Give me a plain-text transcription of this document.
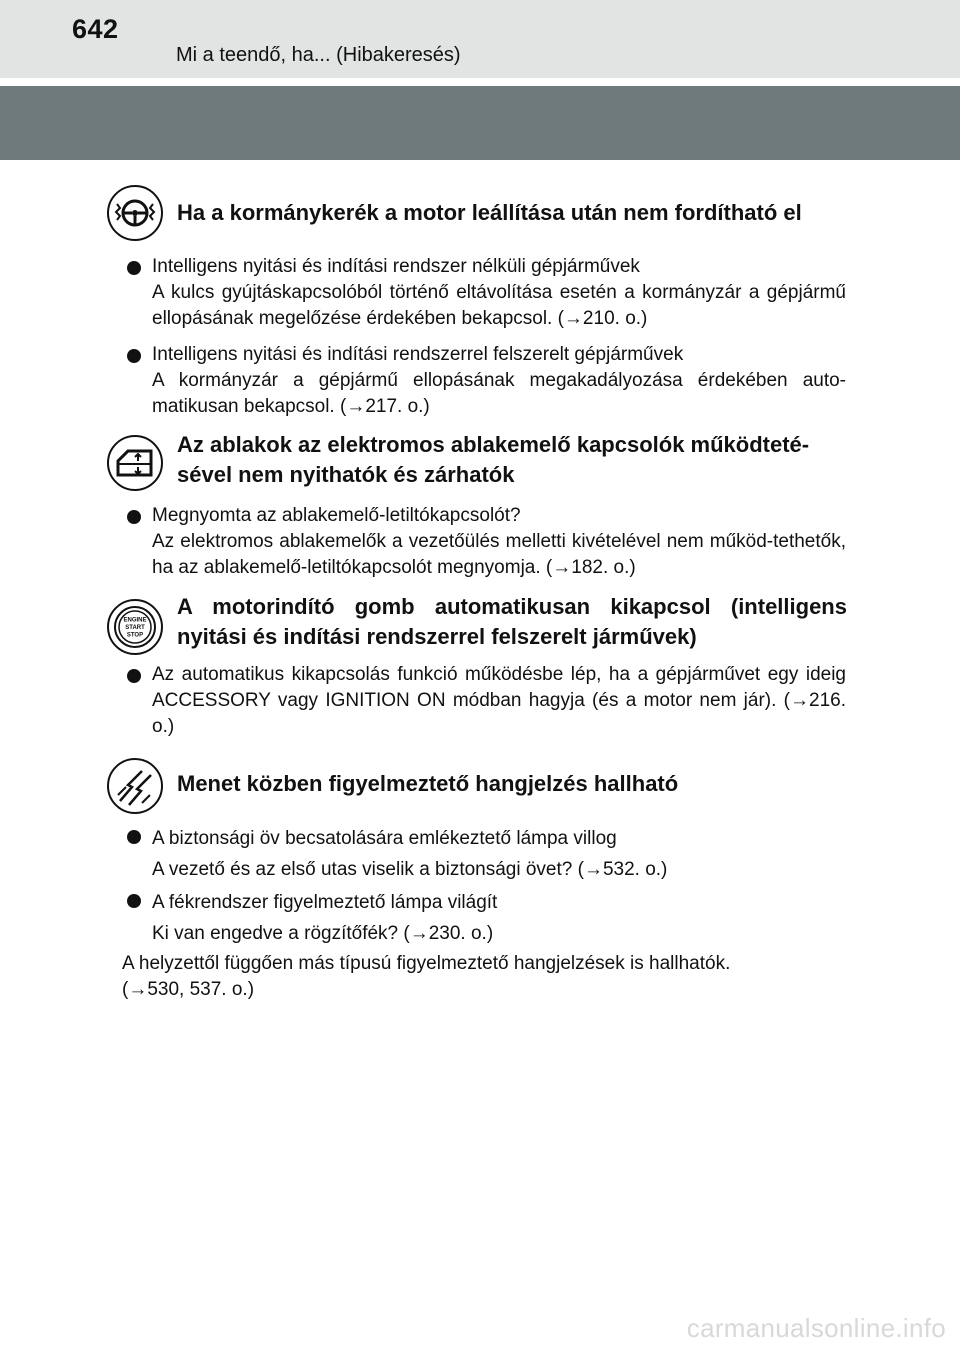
642
Mi a teendő, ha... (Hibakeresés)
Ha a kormánykerék a motor leállítása után nem fordítható el
Intelligens nyitási és indítási rendszer nélküli gépjárművek
A kulcs gyújtáskapcsolóból történő eltávolítása esetén a kormányzár a gépjármű ellopásának megelőzése érdekében bekapcsol. (→210. o.)
Intelligens nyitási és indítási rendszerrel felszerelt gépjárművek
A kormányzár a gépjármű ellopásának megakadályozása érdekében auto-matikusan bekapcsol. (→217. o.)
Az ablakok az elektromos ablakemelő kapcsolók működteté-
sével nem nyithatók és zárhatók
Megnyomta az ablakemelő-letiltókapcsolót?
Az elektromos ablakemelők a vezetőülés melletti kivételével nem működ-tethetők, ha az ablakemelő-letiltókapcsolót megnyomja. (→182. o.)
ENGINE
START
STOP
A motorindító gomb automatikusan kikapcsol (intelligens nyitási és indítási rendszerrel felszerelt járművek)
Az automatikus kikapcsolás funkció működésbe lép, ha a gépjárművet egy ideig ACCESSORY vagy IGNITION ON módban hagyja (és a motor nem jár). (→216. o.)
Menet közben figyelmeztető hangjelzés hallható
A biztonsági öv becsatolására emlékeztető lámpa villog
A vezető és az első utas viselik a biztonsági övet? (→532. o.)
A fékrendszer figyelmeztető lámpa világít
Ki van engedve a rögzítőfék? (→230. o.)
A helyzettől függően más típusú figyelmeztető hangjelzések is hallhatók.
(→530, 537. o.)
carmanualsonline.info
